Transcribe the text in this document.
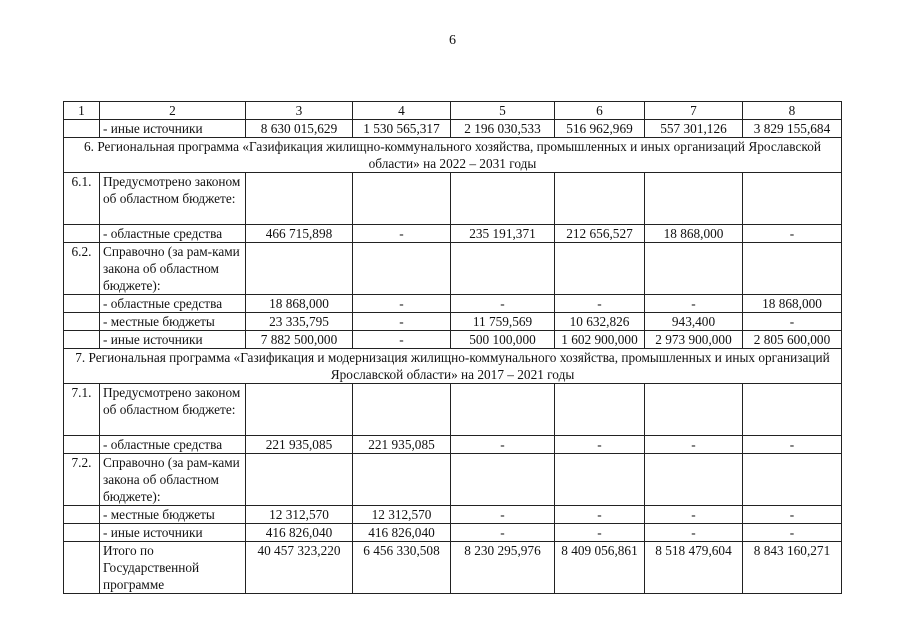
6
1	2	3	4	5	6	7	8
	- иные источники	8 630 015,629	1 530 565,317	2 196 030,533	516 962,969	557 301,126	3 829 155,684
6. Региональная программа «Газификация жилищно-коммунального хозяйства, промышленных и иных организаций Ярославской области» на 2022 – 2031 годы							
6.1.	Предусмотрено законом об областном бюджете:						
	- областные средства	466 715,898	-	235 191,371	212 656,527	18 868,000	-
6.2.	Справочно (за рам-ками закона об областном бюджете):						
	- областные средства	18 868,000	-	-	-	-	18 868,000
	- местные бюджеты	23 335,795	-	11 759,569	10 632,826	943,400	-
	- иные источники	7 882 500,000	-	500 100,000	1 602 900,000	2 973 900,000	2 805 600,000
7. Региональная программа «Газификация и модернизация жилищно-коммунального хозяйства, промышленных и иных организаций Ярославской области» на 2017 – 2021 годы							
7.1.	Предусмотрено законом об областном бюджете:						
	- областные средства	221 935,085	221 935,085	-	-	-	-
7.2.	Справочно (за рам-ками закона об областном бюджете):						
	- местные бюджеты	12 312,570	12 312,570	-	-	-	-
	- иные источники	416 826,040	416 826,040	-	-	-	-
	Итого по Государственной программе	40 457 323,220	6 456 330,508	8 230 295,976	8 409 056,861	8 518 479,604	8 843 160,271
